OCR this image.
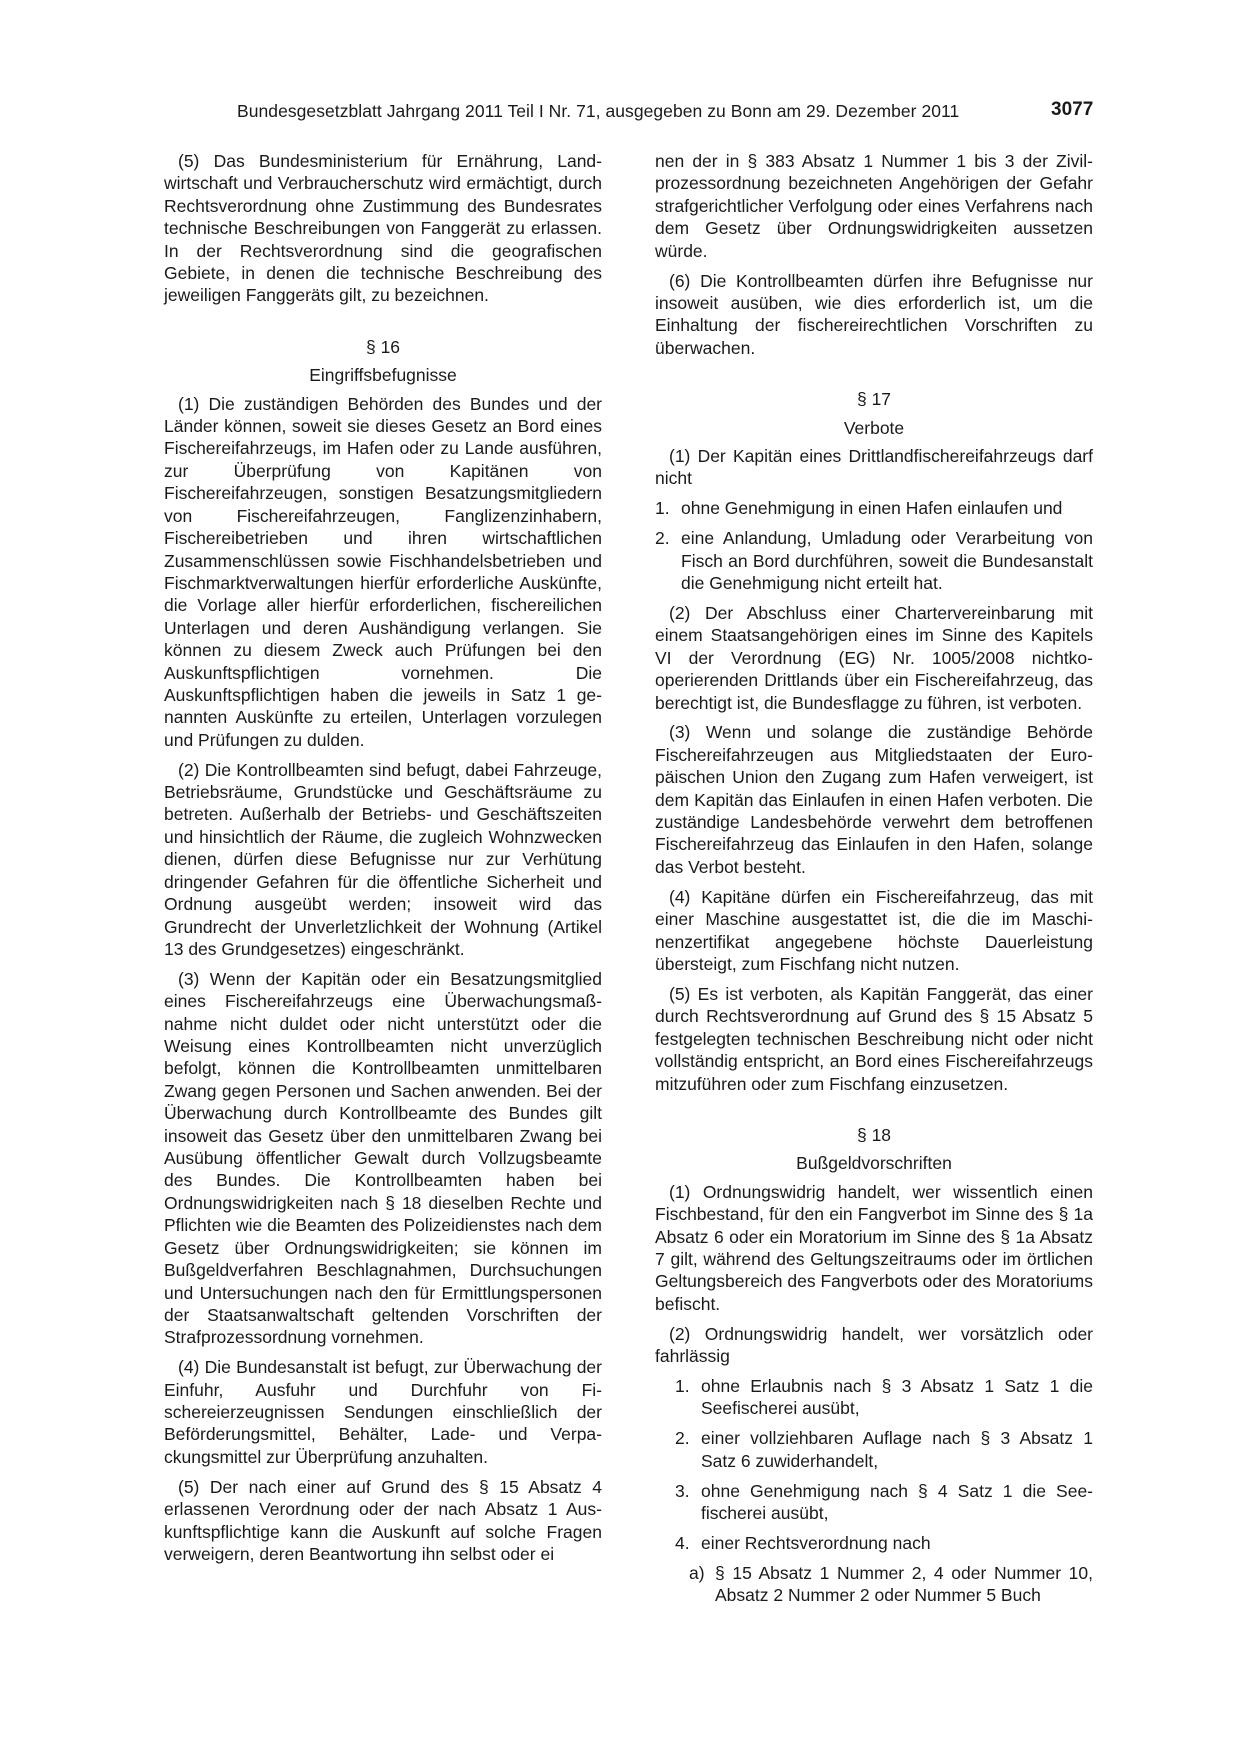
Bundesgesetzblatt Jahrgang 2011 Teil I Nr. 71, ausgegeben zu Bonn am 29. Dezember 2011	3077

(5) Das Bundesministerium für Ernährung, Landwirtschaft und Verbraucherschutz wird ermächtigt, durch Rechtsverordnung ohne Zustimmung des Bundesrates technische Beschreibungen von Fanggerät zu erlassen. In der Rechtsverordnung sind die geografischen Gebiete, in denen die technische Beschreibung des jeweiligen Fanggeräts gilt, zu bezeichnen.

§ 16

Eingriffsbefugnisse

(1) Die zuständigen Behörden des Bundes und der Länder können, soweit sie dieses Gesetz an Bord eines Fischereifahrzeugs, im Hafen oder zu Lande ausführen, zur Überprüfung von Kapitänen von Fischereifahrzeugen, sonstigen Besatzungsmitgliedern von Fischereifahrzeugen, Fanglizenzinhabern, Fischereibetrieben und ihren wirtschaftlichen Zusammenschlüssen sowie Fischhandelsbetrieben und Fischmarktverwaltungen hierfür erforderliche Auskünfte, die Vorlage aller hierfür erforderlichen, fischereilichen Unterlagen und deren Aushändigung verlangen. Sie können zu diesem Zweck auch Prüfungen bei den Auskunftspflichtigen vornehmen. Die Auskunftspflichtigen haben die jeweils in Satz 1 genannten Auskünfte zu erteilen, Unterlagen vorzulegen und Prüfungen zu dulden.

(2) Die Kontrollbeamten sind befugt, dabei Fahrzeuge, Betriebsräume, Grundstücke und Geschäftsräume zu betreten. Außerhalb der Betriebs- und Geschäftszeiten und hinsichtlich der Räume, die zugleich Wohnzwecken dienen, dürfen diese Befugnisse nur zur Verhütung dringender Gefahren für die öffentliche Sicherheit und Ordnung ausgeübt werden; insoweit wird das Grundrecht der Unverletzlichkeit der Wohnung (Artikel 13 des Grundgesetzes) eingeschränkt.

(3) Wenn der Kapitän oder ein Besatzungsmitglied eines Fischereifahrzeugs eine Überwachungsmaßnahme nicht duldet oder nicht unterstützt oder die Weisung eines Kontrollbeamten nicht unverzüglich befolgt, können die Kontrollbeamten unmittelbaren Zwang gegen Personen und Sachen anwenden. Bei der Überwachung durch Kontrollbeamte des Bundes gilt insoweit das Gesetz über den unmittelbaren Zwang bei Ausübung öffentlicher Gewalt durch Vollzugsbeamte des Bundes. Die Kontrollbeamten haben bei Ordnungswidrigkeiten nach § 18 dieselben Rechte und Pflichten wie die Beamten des Polizeidienstes nach dem Gesetz über Ordnungswidrigkeiten; sie können im Bußgeldverfahren Beschlagnahmen, Durchsuchungen und Untersuchungen nach den für Ermittlungspersonen der Staatsanwaltschaft geltenden Vorschriften der Strafprozessordnung vornehmen.

(4) Die Bundesanstalt ist befugt, zur Überwachung der Einfuhr, Ausfuhr und Durchfuhr von Fischereierzeugnissen Sendungen einschließlich der Beförderungsmittel, Behälter, Lade- und Verpackungsmittel zur Überprüfung anzuhalten.

(5) Der nach einer auf Grund des § 15 Absatz 4 erlassenen Verordnung oder der nach Absatz 1 Auskunftspflichtige kann die Auskunft auf solche Fragen verweigern, deren Beantwortung ihn selbst oder ei

nen der in § 383 Absatz 1 Nummer 1 bis 3 der Zivilprozessordnung bezeichneten Angehörigen der Gefahr strafgerichtlicher Verfolgung oder eines Verfahrens nach dem Gesetz über Ordnungswidrigkeiten aussetzen würde.

(6) Die Kontrollbeamten dürfen ihre Befugnisse nur insoweit ausüben, wie dies erforderlich ist, um die Einhaltung der fischereirechtlichen Vorschriften zu überwachen.

§ 17

Verbote

(1) Der Kapitän eines Drittlandfischereifahrzeugs darf nicht

1. ohne Genehmigung in einen Hafen einlaufen und
2. eine Anlandung, Umladung oder Verarbeitung von Fisch an Bord durchführen, soweit die Bundesanstalt die Genehmigung nicht erteilt hat.

(2) Der Abschluss einer Chartervereinbarung mit einem Staatsangehörigen eines im Sinne des Kapitels VI der Verordnung (EG) Nr. 1005/2008 nichtkooperierenden Drittlands über ein Fischereifahrzeug, das berechtigt ist, die Bundesflagge zu führen, ist verboten.

(3) Wenn und solange die zuständige Behörde Fischereifahrzeugen aus Mitgliedstaaten der Europäischen Union den Zugang zum Hafen verweigert, ist dem Kapitän das Einlaufen in einen Hafen verboten. Die zuständige Landesbehörde verwehrt dem betroffenen Fischereifahrzeug das Einlaufen in den Hafen, solange das Verbot besteht.

(4) Kapitäne dürfen ein Fischereifahrzeug, das mit einer Maschine ausgestattet ist, die die im Maschinenzertifikat angegebene höchste Dauerleistung übersteigt, zum Fischfang nicht nutzen.

(5) Es ist verboten, als Kapitän Fanggerät, das einer durch Rechtsverordnung auf Grund des § 15 Absatz 5 festgelegten technischen Beschreibung nicht oder nicht vollständig entspricht, an Bord eines Fischereifahrzeugs mitzuführen oder zum Fischfang einzusetzen.

§ 18

Bußgeldvorschriften

(1) Ordnungswidrig handelt, wer wissentlich einen Fischbestand, für den ein Fangverbot im Sinne des § 1a Absatz 6 oder ein Moratorium im Sinne des § 1a Absatz 7 gilt, während des Geltungszeitraums oder im örtlichen Geltungsbereich des Fangverbots oder des Moratoriums befischt.

(2) Ordnungswidrig handelt, wer vorsätzlich oder fahrlässig

1. ohne Erlaubnis nach § 3 Absatz 1 Satz 1 die Seefischerei ausübt,
2. einer vollziehbaren Auflage nach § 3 Absatz 1 Satz 6 zuwiderhandelt,
3. ohne Genehmigung nach § 4 Satz 1 die Seefischerei ausübt,
4. einer Rechtsverordnung nach
a) § 15 Absatz 1 Nummer 2, 4 oder Nummer 10, Absatz 2 Nummer 2 oder Nummer 5 Buch
